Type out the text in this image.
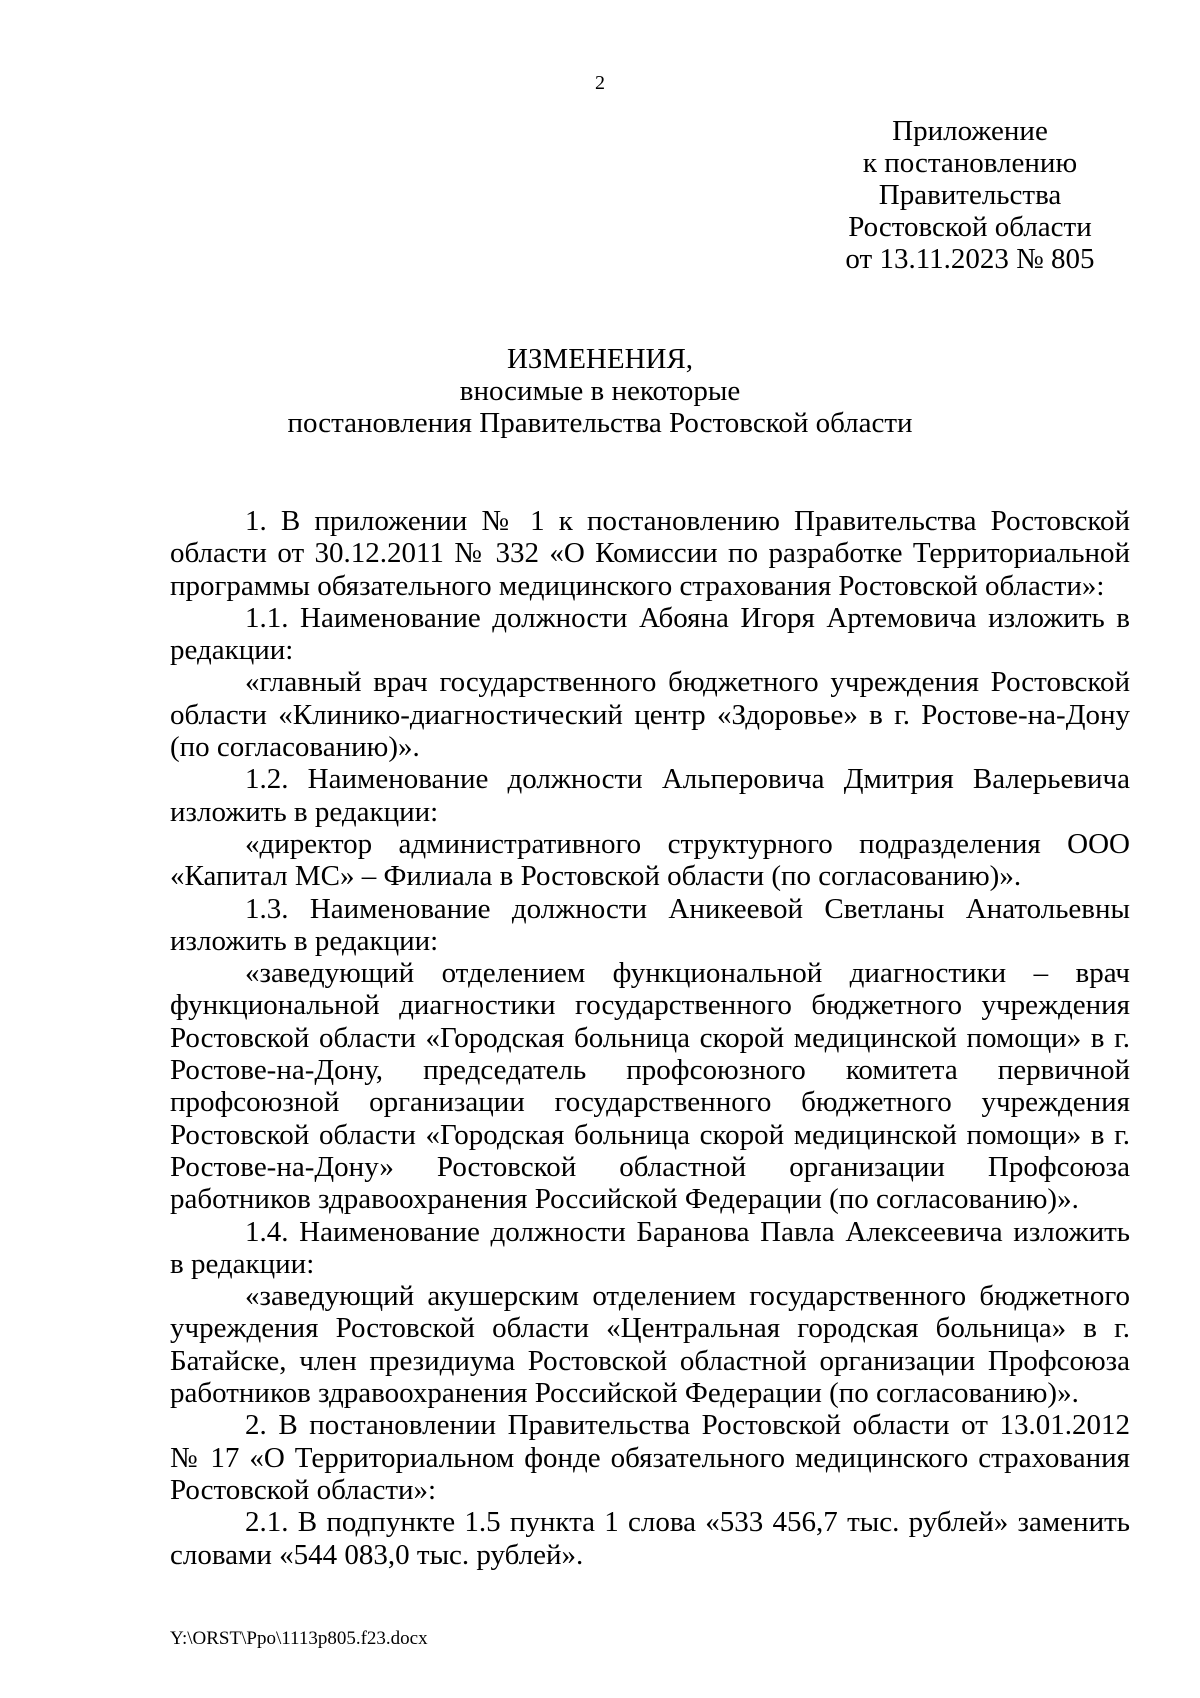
2
Приложение
к постановлению
Правительства
Ростовской области
от 13.11.2023 № 805
ИЗМЕНЕНИЯ,
вносимые в некоторые
постановления Правительства Ростовской области

1. В приложении № 1 к постановлению Правительства Ростовской области от 30.12.2011 № 332 «О Комиссии по разработке Территориальной программы обязательного медицинского страхования Ростовской области»:

1.1. Наименование должности Абояна Игоря Артемовича изложить в редакции:

«главный врач государственного бюджетного учреждения Ростовской области «Клинико-диагностический центр «Здоровье» в г. Ростове-на-Дону (по согласованию)».

1.2. Наименование должности Альперовича Дмитрия Валерьевича изложить в редакции:

«директор административного структурного подразделения ООО «Капитал МС» – Филиала в Ростовской области (по согласованию)».

1.3. Наименование должности Аникеевой Светланы Анатольевны изложить в редакции:

«заведующий отделением функциональной диагностики – врач функциональной диагностики государственного бюджетного учреждения Ростовской области «Городская больница скорой медицинской помощи» в г. Ростове-на-Дону, председатель профсоюзного комитета первичной профсоюзной организации государственного бюджетного учреждения Ростовской области «Городская больница скорой медицинской помощи» в г. Ростове-на-Дону» Ростовской областной организации Профсоюза работников здравоохранения Российской Федерации (по согласованию)».

1.4. Наименование должности Баранова Павла Алексеевича изложить в редакции:

«заведующий акушерским отделением государственного бюджетного учреждения Ростовской области «Центральная городская больница» в г. Батайске, член президиума Ростовской областной организации Профсоюза работников здравоохранения Российской Федерации (по согласованию)».

2. В постановлении Правительства Ростовской области от 13.01.2012 № 17 «О Территориальном фонде обязательного медицинского страхования Ростовской области»:

2.1. В подпункте 1.5 пункта 1 слова «533 456,7 тыс. рублей» заменить словами «544 083,0 тыс. рублей».

Y:\ORST\Ppo\1113p805.f23.docx
